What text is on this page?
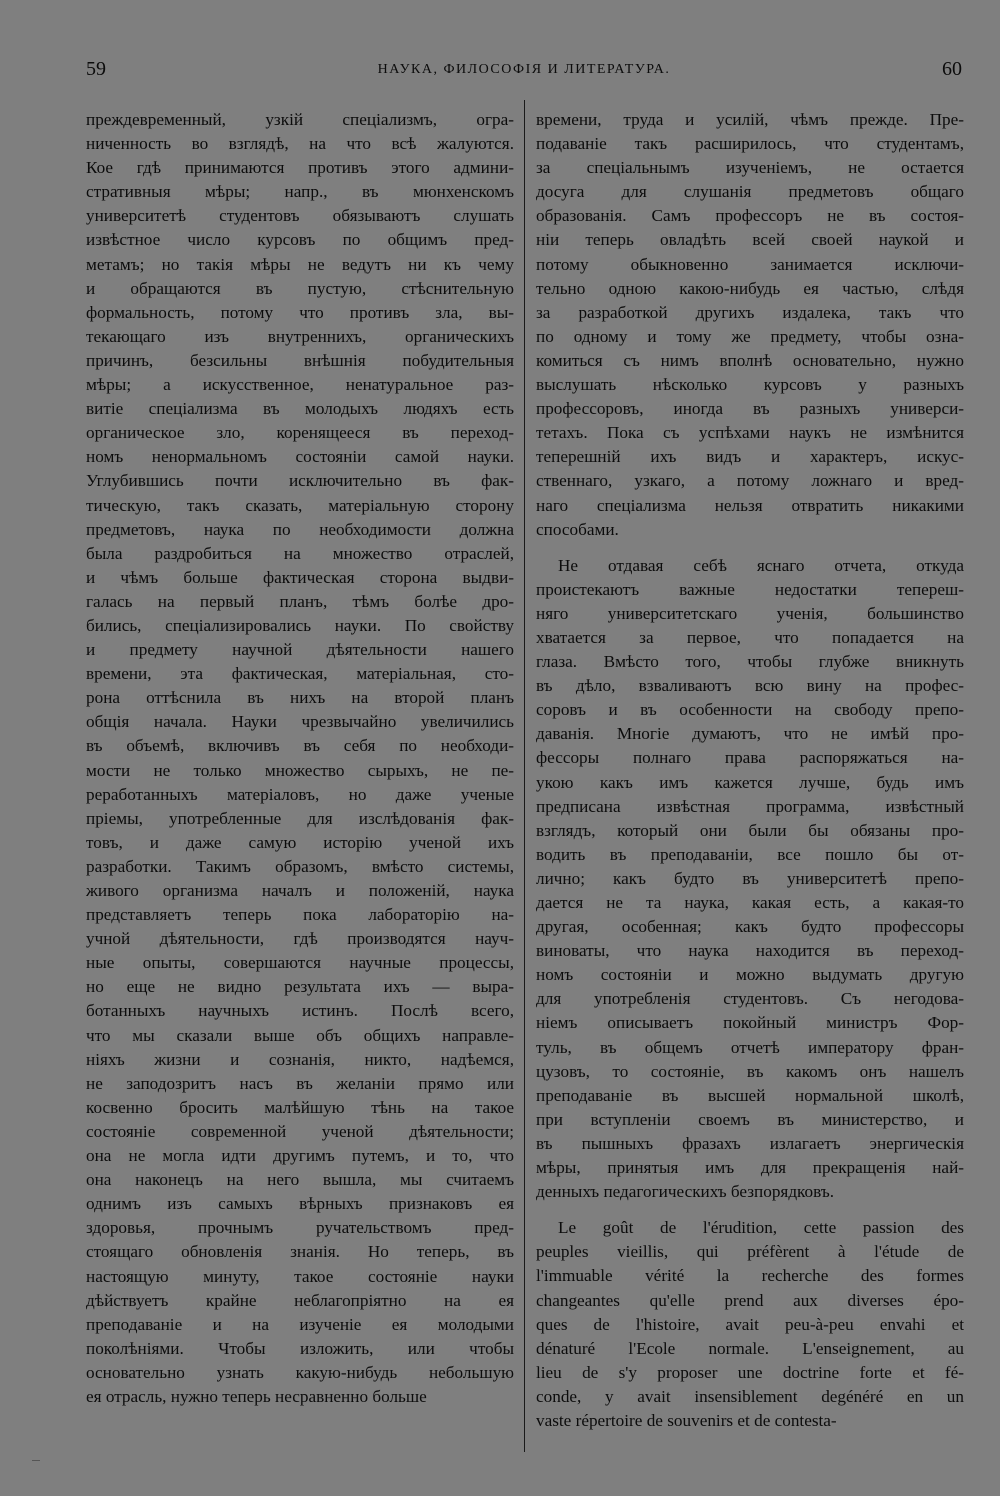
59	НАУКА, ФИЛОСОФІЯ И ЛИТЕРАТУРА.	60
преждевременный, узкій спеціализмъ, огра-
ниченность во взглядѣ, на что всѣ жалуются.
Кое гдѣ принимаются противъ этого админи-
стративныя мѣры; напр., въ мюнхенскомъ
университетѣ студентовъ обязываютъ слушать
извѣстное число курсовъ по общимъ пред-
метамъ; но такія мѣры не ведутъ ни къ чему
и обращаются въ пустую, стѣснительную
формальность, потому что противъ зла, вы-
текающаго изъ внутреннихъ, органическихъ
причинъ, безсильны внѣшнія побудительныя
мѣры; а искусственное, ненатуральное раз-
витіе спеціализма въ молодыхъ людяхъ есть
органическое зло, коренящееся въ переход-
номъ ненормальномъ состояніи самой науки.
Углубившись почти исключительно въ фак-
тическую, такъ сказать, матеріальную сторону
предметовъ, наука по необходимости должна
была раздробиться на множество отраслей,
и чѣмъ больше фактическая сторона выдви-
галась на первый планъ, тѣмъ болѣе дро-
бились, спеціализировались науки. По свойству
и предмету научной дѣятельности нашего
времени, эта фактическая, матеріальная, сто-
рона оттѣснила въ нихъ на второй планъ
общія начала. Науки чрезвычайно увеличились
въ объемѣ, включивъ въ себя по необходи-
мости не только множество сырыхъ, не пе-
реработанныхъ матеріаловъ, но даже ученые
пріемы, употребленные для изслѣдованія фак-
товъ, и даже самую исторію ученой ихъ
разработки. Такимъ образомъ, вмѣсто системы,
живого организма началъ и положеній, наука
представляетъ теперь пока лабораторію на-
учной дѣятельности, гдѣ производятся науч-
ные опыты, совершаются научные процессы,
но еще не видно результата ихъ — выра-
ботанныхъ научныхъ истинъ. Послѣ всего,
что мы сказали выше объ общихъ направле-
ніяхъ жизни и сознанія, никто, надѣемся,
не заподозритъ насъ въ желаніи прямо или
косвенно бросить малѣйшую тѣнь на такое
состояніе современной ученой дѣятельности;
она не могла идти другимъ путемъ, и то, что
она наконецъ на него вышла, мы считаемъ
однимъ изъ самыхъ вѣрныхъ признаковъ ея
здоровья, прочнымъ ручательствомъ пред-
стоящаго обновленія знанія. Но теперь, въ
настоящую минуту, такое состояніе науки
дѣйствуетъ крайне неблагопріятно на ея
преподаваніе и на изученіе ея молодыми
поколѣніями. Чтобы изложить, или чтобы
основательно узнать какую-нибудь небольшую
ея отрасль, нужно теперь несравненно больше
времени, труда и усилій, чѣмъ прежде. Пре-
подаваніе такъ расширилось, что студентамъ,
за спеціальнымъ изученіемъ, не остается
досуга для слушанія предметовъ общаго
образованія. Самъ профессоръ не въ состоя-
ніи теперь овладѣть всей своей наукой и
потому обыкновенно занимается исключи-
тельно одною какою-нибудь ея частью, слѣдя
за разработкой другихъ издалека, такъ что
по одному и тому же предмету, чтобы озна-
комиться съ нимъ вполнѣ основательно, нужно
выслушать нѣсколько курсовъ у разныхъ
профессоровъ, иногда въ разныхъ универси-
тетахъ. Пока съ успѣхами наукъ не измѣнится
теперешній ихъ видъ и характеръ, искус-
ственнаго, узкаго, а потому ложнаго и вред-
наго спеціализма нельзя отвратить никакими
способами.
Не отдавая себѣ яснаго отчета, откуда
проистекаютъ важные недостатки теперeш-
няго университетскаго ученія, большинство
хватается за первое, что попадается на
глаза. Вмѣсто того, чтобы глубже вникнуть
въ дѣло, взваливаютъ всю вину на профес-
соровъ и въ особенности на свободу препо-
даванія. Многіе думаютъ, что не имѣй про-
фессоры полнаго права распоряжаться на-
укою какъ имъ кажется лучше, будь имъ
предписана извѣстная программа, извѣстный
взглядъ, который они были бы обязаны про-
водить въ преподаваніи, все пошло бы от-
лично; какъ будто въ университетѣ препо-
дается не та наука, какая есть, а какая-то
другая, особенная; какъ будто профессоры
виноваты, что наука находится въ переход-
номъ состояніи и можно выдумать другую
для употребленія студентовъ. Съ негодова-
ніемъ описываетъ покойный министръ Фор-
туль, въ общемъ отчетѣ императору фран-
цузовъ, то состояніе, въ какомъ онъ нашелъ
преподаваніе въ высшей нормальной школѣ,
при вступленіи своемъ въ министерство, и
въ пышныхъ фразахъ излагаетъ энергическія
мѣры, принятыя имъ для прекращенія най-
денныхъ педагогическихъ безпорядковъ.
Le goût de l'érudition, cette passion des
peuples vieillis, qui préfèrent à l'étude de
l'immuable vérité la recherche des formes
changeantes qu'elle prend aux diverses épo-
ques de l'histoire, avait peu-à-peu envahi et
dénaturé l'Ecole normale. L'enseignement, au
lieu de s'y proposer une doctrine forte et fé-
conde, y avait insensiblement degénéré en un
vaste répertoire de souvenirs et de contesta-
